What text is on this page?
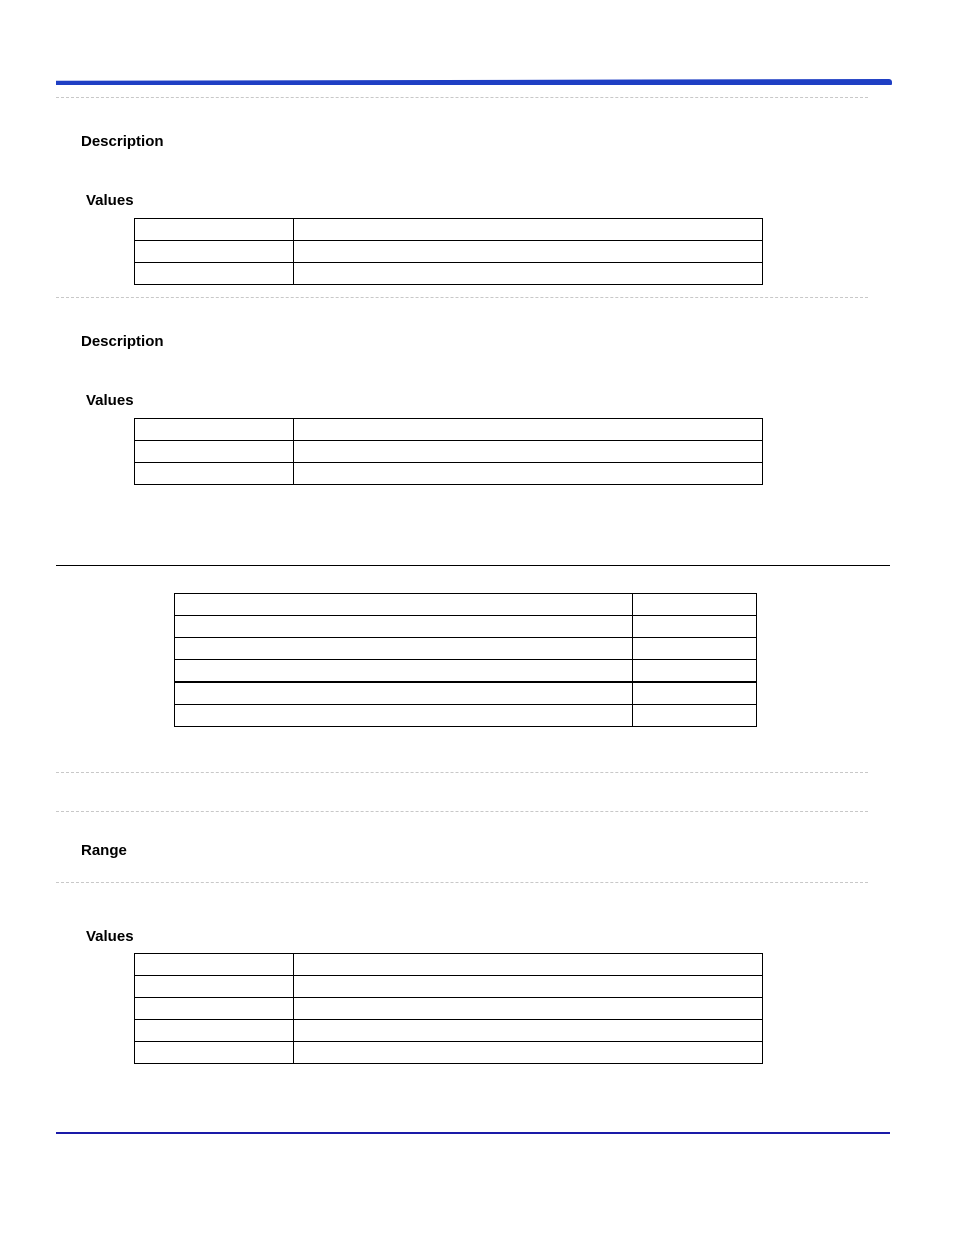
Description
Values

Description
Values

Range
Values
